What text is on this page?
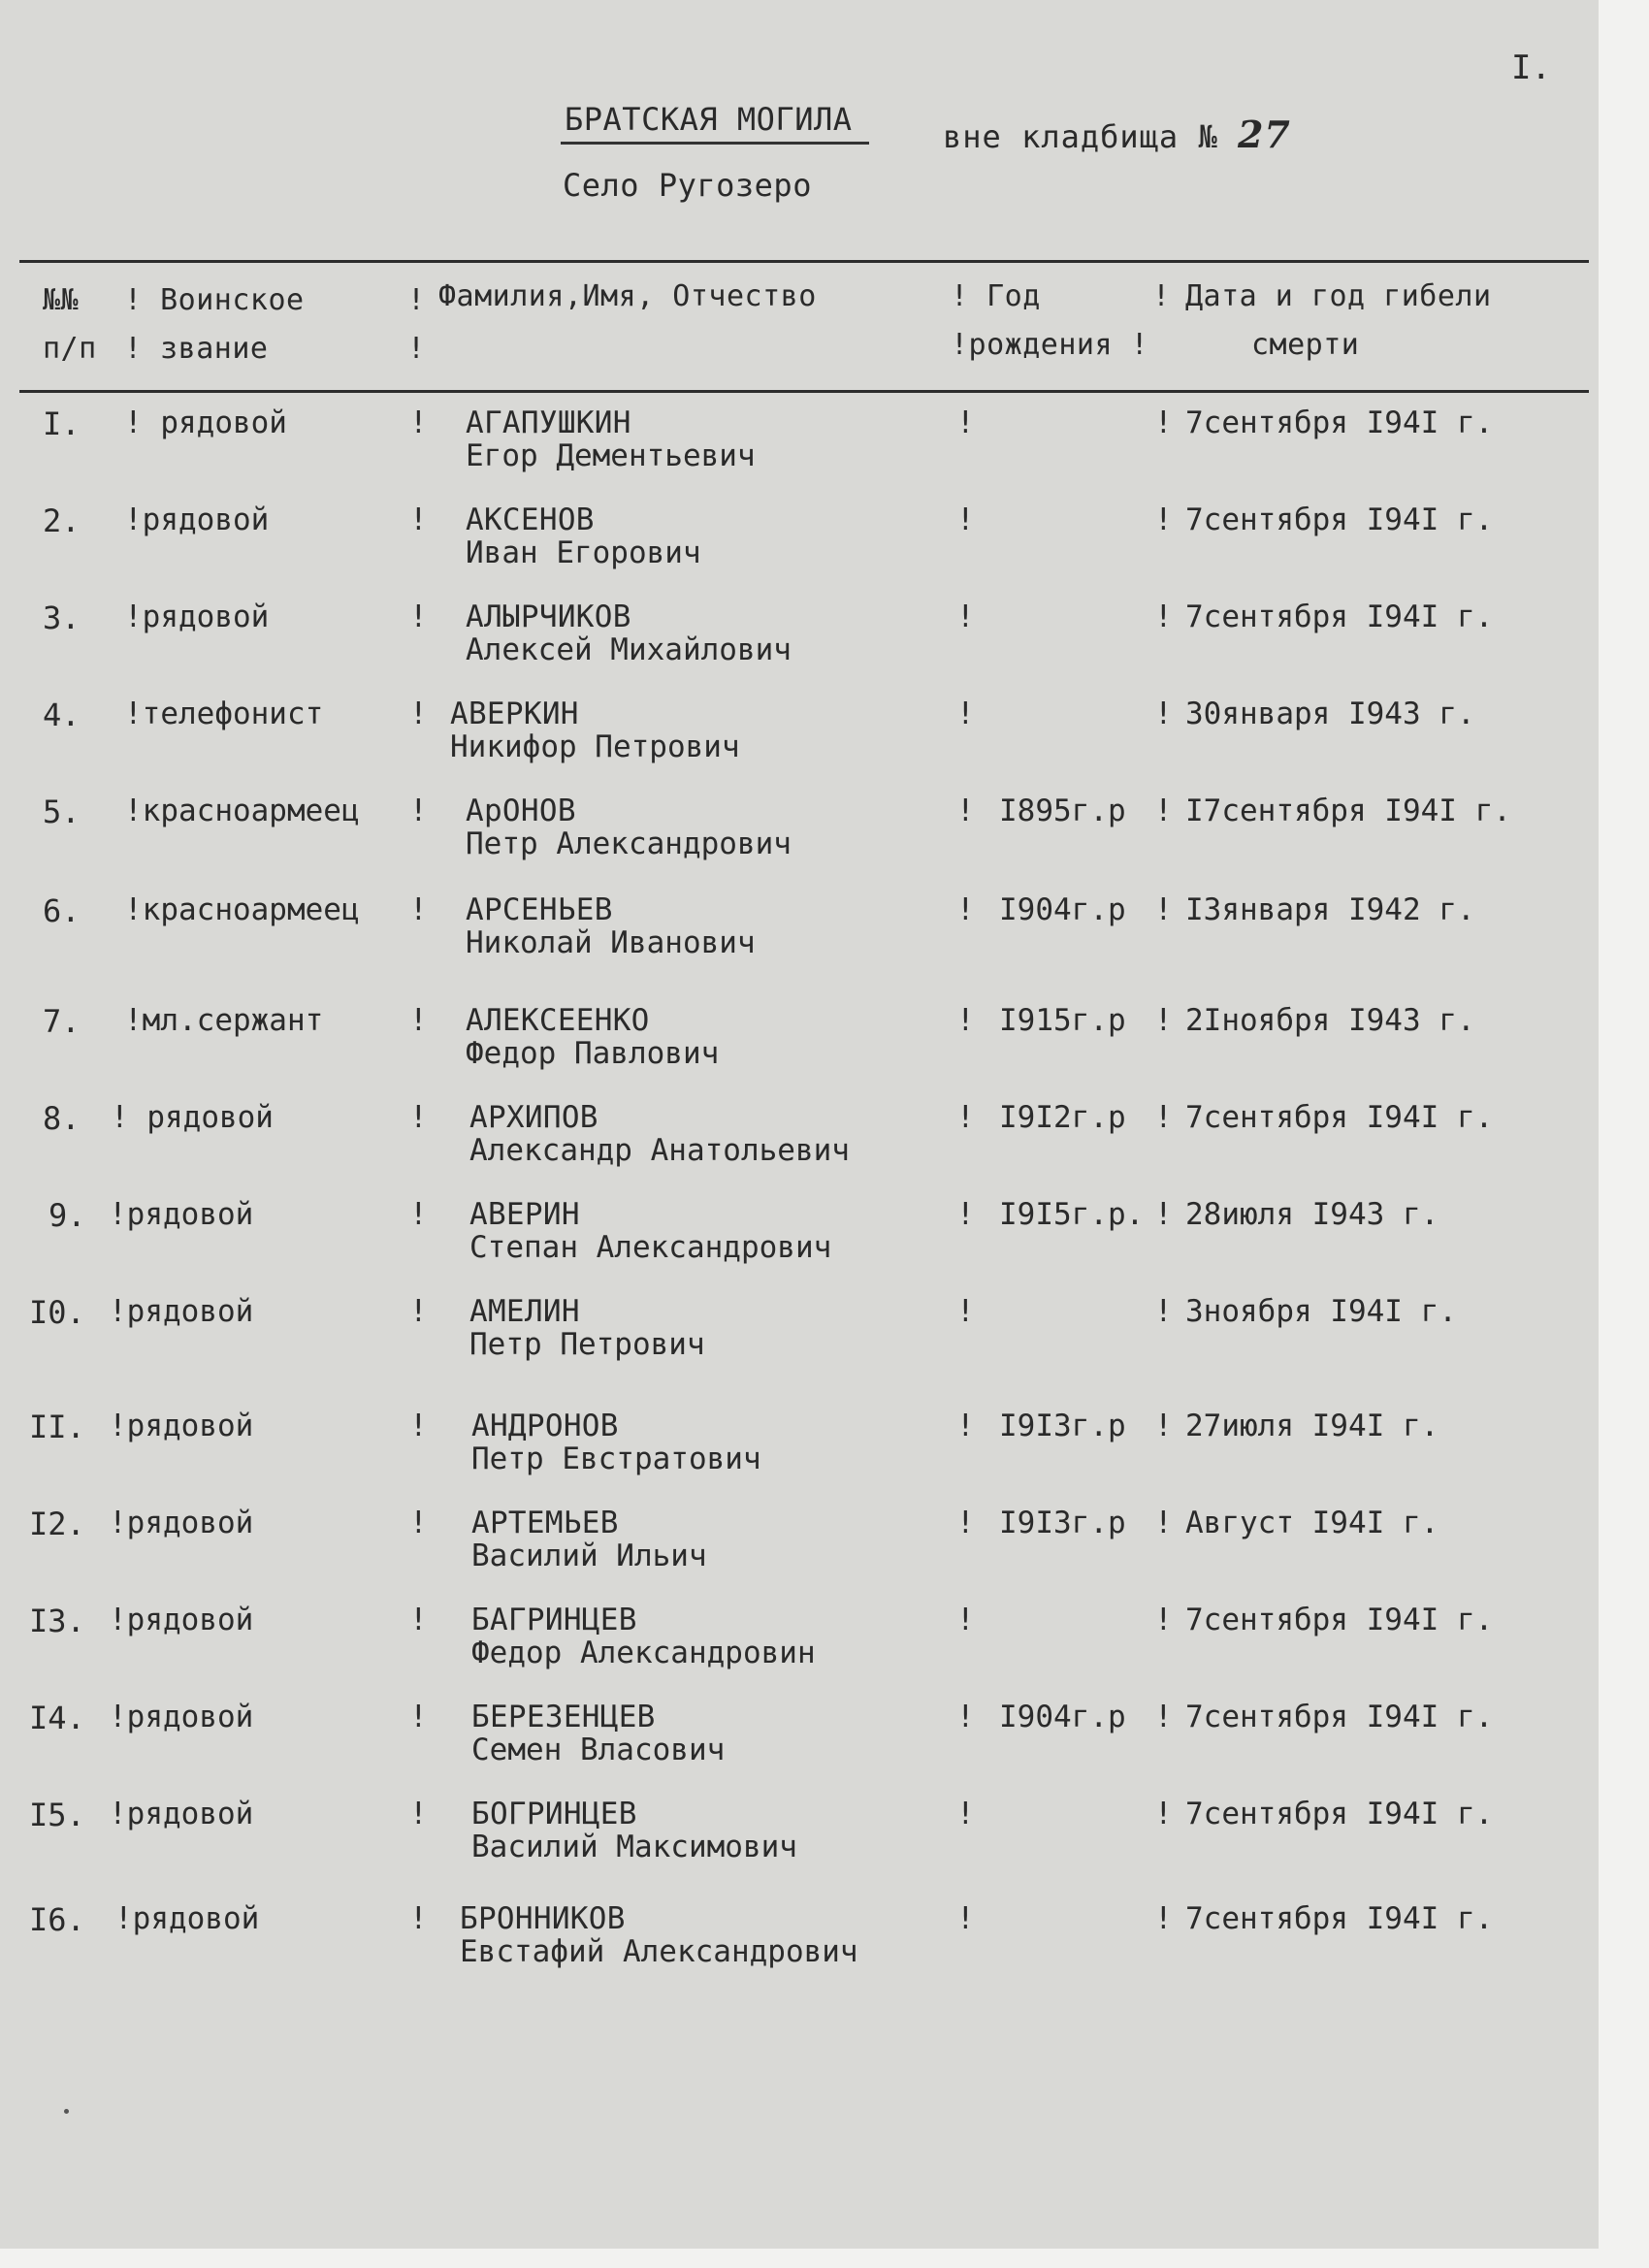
I.
БРАТСКАЯ МОГИЛА	вне кладбища № 27
Село Ругозеро
№№
п/п
! Воинское
! звание
!
!
Фамилия,Имя, Отчество	! Год
!рождения !
! Дата и год гибели
смерти
I. ! рядовой	! АГАПУШКИН
Егор Дементьевич
!	! 7сентября I94I г.
2. !рядовой	! АКСЕНОВ
Иван Егорович
!	! 7сентября I94I г.
3. !рядовой	! АЛЫРЧИКОВ
Алексей Михайлович
!	! 7сентября I94I г.
4. !телефонист	! АВЕРКИН
Никифор Петрович
!	! 30января I943 г.
5. !красноармеец ! АрОНОВ
Петр Александрович
! I895г.р ! I7сентября I94I г.
6. !красноармеец ! АРСЕНЬЕВ
Николай Иванович
! I904г.р ! I3января I942 г.
7. !мл.сержант	! АЛЕКСЕЕНКО
Федор Павлович
! I915г.р ! 2Iноября I943 г.
8. ! рядовой	! АРХИПОВ
Александр Анатольевич
! I9I2г.р ! 7сентября I94I г.
9. !рядовой	! АВЕРИН
Степан Александрович
! I9I5г.р. ! 28июля I943 г.
I0. !рядовой	! АМЕЛИН
Петр Петрович
!	! 3ноября I94I г.
II. !рядовой	! АНДРОНОВ
Петр Евстратович
! I9I3г.р ! 27июля I94I г.
I2. !рядовой	! АРТЕМЬЕВ
Василий Ильич
! I9I3г.р ! Август I94I г.
I3. !рядовой	! БАГРИНЦЕВ
Федор Александровин
!	! 7сентября I94I г.
I4. !рядовой	! БЕРЕЗЕНЦЕВ
Семен Власович
! I904г.р ! 7сентября I94I г.
I5. !рядовой	! БОГРИНЦЕВ
Василий Максимович
!	! 7сентября I94I г.
I6. !рядовой	! БРОННИКОВ
Евстафий Александрович
!	! 7сентября I94I г.
